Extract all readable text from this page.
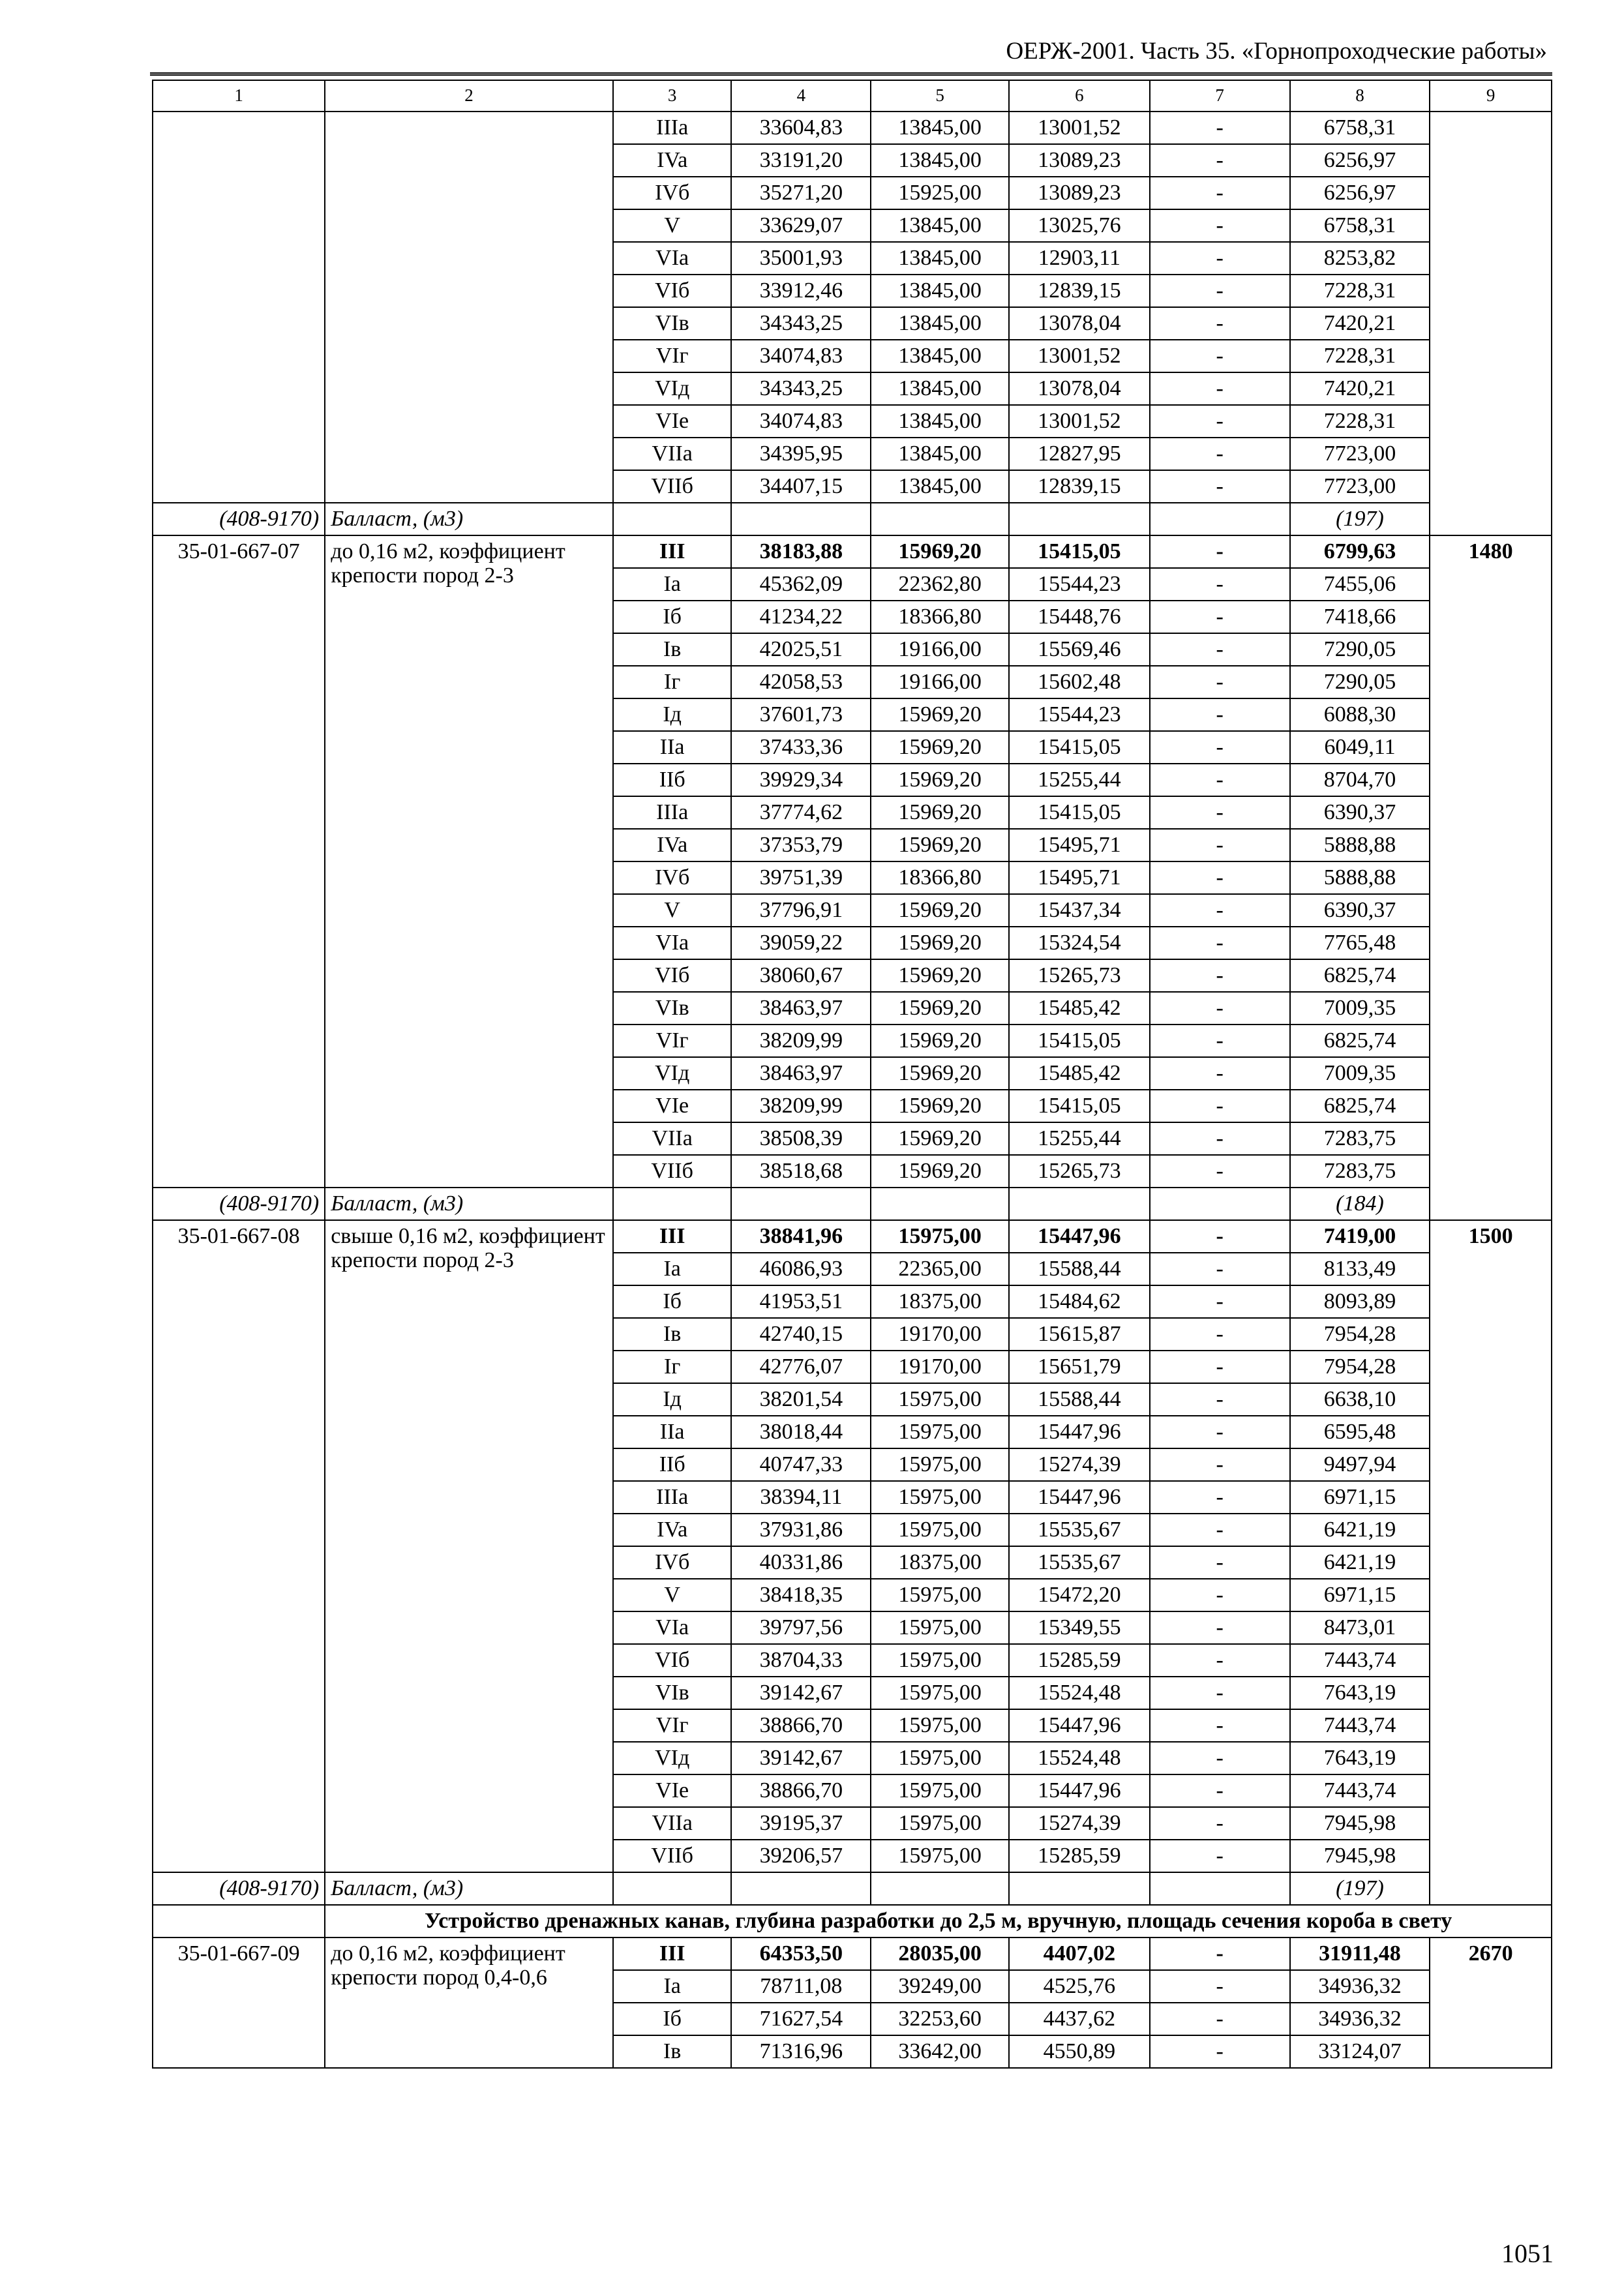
ОЕРЖ-2001. Часть 35. «Горнопроходческие работы»
1	2	3	4	5	6	7	8	9
		IIIa	33604,83	13845,00	13001,52	-	6758,31	
		IVa	33191,20	13845,00	13089,23	-	6256,97	
		IVб	35271,20	15925,00	13089,23	-	6256,97	
		V	33629,07	13845,00	13025,76	-	6758,31	
		VIa	35001,93	13845,00	12903,11	-	8253,82	
		VIб	33912,46	13845,00	12839,15	-	7228,31	
		VIв	34343,25	13845,00	13078,04	-	7420,21	
		VIг	34074,83	13845,00	13001,52	-	7228,31	
		VIд	34343,25	13845,00	13078,04	-	7420,21	
		VIe	34074,83	13845,00	13001,52	-	7228,31	
		VIIa	34395,95	13845,00	12827,95	-	7723,00	
		VIIб	34407,15	13845,00	12839,15	-	7723,00	
(408-9170)	Балласт, (м3)						(197)	
35-01-667-07	до 0,16 м2, коэффициент крепости пород 2-3	III	38183,88	15969,20	15415,05	-	6799,63	1480
		Ia	45362,09	22362,80	15544,23	-	7455,06	
		Iб	41234,22	18366,80	15448,76	-	7418,66	
		Iв	42025,51	19166,00	15569,46	-	7290,05	
		Iг	42058,53	19166,00	15602,48	-	7290,05	
		Iд	37601,73	15969,20	15544,23	-	6088,30	
		IIa	37433,36	15969,20	15415,05	-	6049,11	
		IIб	39929,34	15969,20	15255,44	-	8704,70	
		IIIa	37774,62	15969,20	15415,05	-	6390,37	
		IVa	37353,79	15969,20	15495,71	-	5888,88	
		IVб	39751,39	18366,80	15495,71	-	5888,88	
		V	37796,91	15969,20	15437,34	-	6390,37	
		VIa	39059,22	15969,20	15324,54	-	7765,48	
		VIб	38060,67	15969,20	15265,73	-	6825,74	
		VIв	38463,97	15969,20	15485,42	-	7009,35	
		VIг	38209,99	15969,20	15415,05	-	6825,74	
		VIд	38463,97	15969,20	15485,42	-	7009,35	
		VIe	38209,99	15969,20	15415,05	-	6825,74	
		VIIa	38508,39	15969,20	15255,44	-	7283,75	
		VIIб	38518,68	15969,20	15265,73	-	7283,75	
(408-9170)	Балласт, (м3)						(184)	
35-01-667-08	свыше 0,16 м2, коэффициент крепости пород 2-3	III	38841,96	15975,00	15447,96	-	7419,00	1500
		Ia	46086,93	22365,00	15588,44	-	8133,49	
		Iб	41953,51	18375,00	15484,62	-	8093,89	
		Iв	42740,15	19170,00	15615,87	-	7954,28	
		Iг	42776,07	19170,00	15651,79	-	7954,28	
		Iд	38201,54	15975,00	15588,44	-	6638,10	
		IIa	38018,44	15975,00	15447,96	-	6595,48	
		IIб	40747,33	15975,00	15274,39	-	9497,94	
		IIIa	38394,11	15975,00	15447,96	-	6971,15	
		IVa	37931,86	15975,00	15535,67	-	6421,19	
		IVб	40331,86	18375,00	15535,67	-	6421,19	
		V	38418,35	15975,00	15472,20	-	6971,15	
		VIa	39797,56	15975,00	15349,55	-	8473,01	
		VIб	38704,33	15975,00	15285,59	-	7443,74	
		VIв	39142,67	15975,00	15524,48	-	7643,19	
		VIг	38866,70	15975,00	15447,96	-	7443,74	
		VIд	39142,67	15975,00	15524,48	-	7643,19	
		VIe	38866,70	15975,00	15447,96	-	7443,74	
		VIIa	39195,37	15975,00	15274,39	-	7945,98	
		VIIб	39206,57	15975,00	15285,59	-	7945,98	
(408-9170)	Балласт, (м3)						(197)	
	Устройство дренажных канав, глубина разработки до 2,5 м, вручную, площадь сечения короба в свету							
35-01-667-09	до 0,16 м2, коэффициент крепости пород 0,4-0,6	III	64353,50	28035,00	4407,02	-	31911,48	2670
		Ia	78711,08	39249,00	4525,76	-	34936,32	
		Iб	71627,54	32253,60	4437,62	-	34936,32	
		Iв	71316,96	33642,00	4550,89	-	33124,07	
1051
